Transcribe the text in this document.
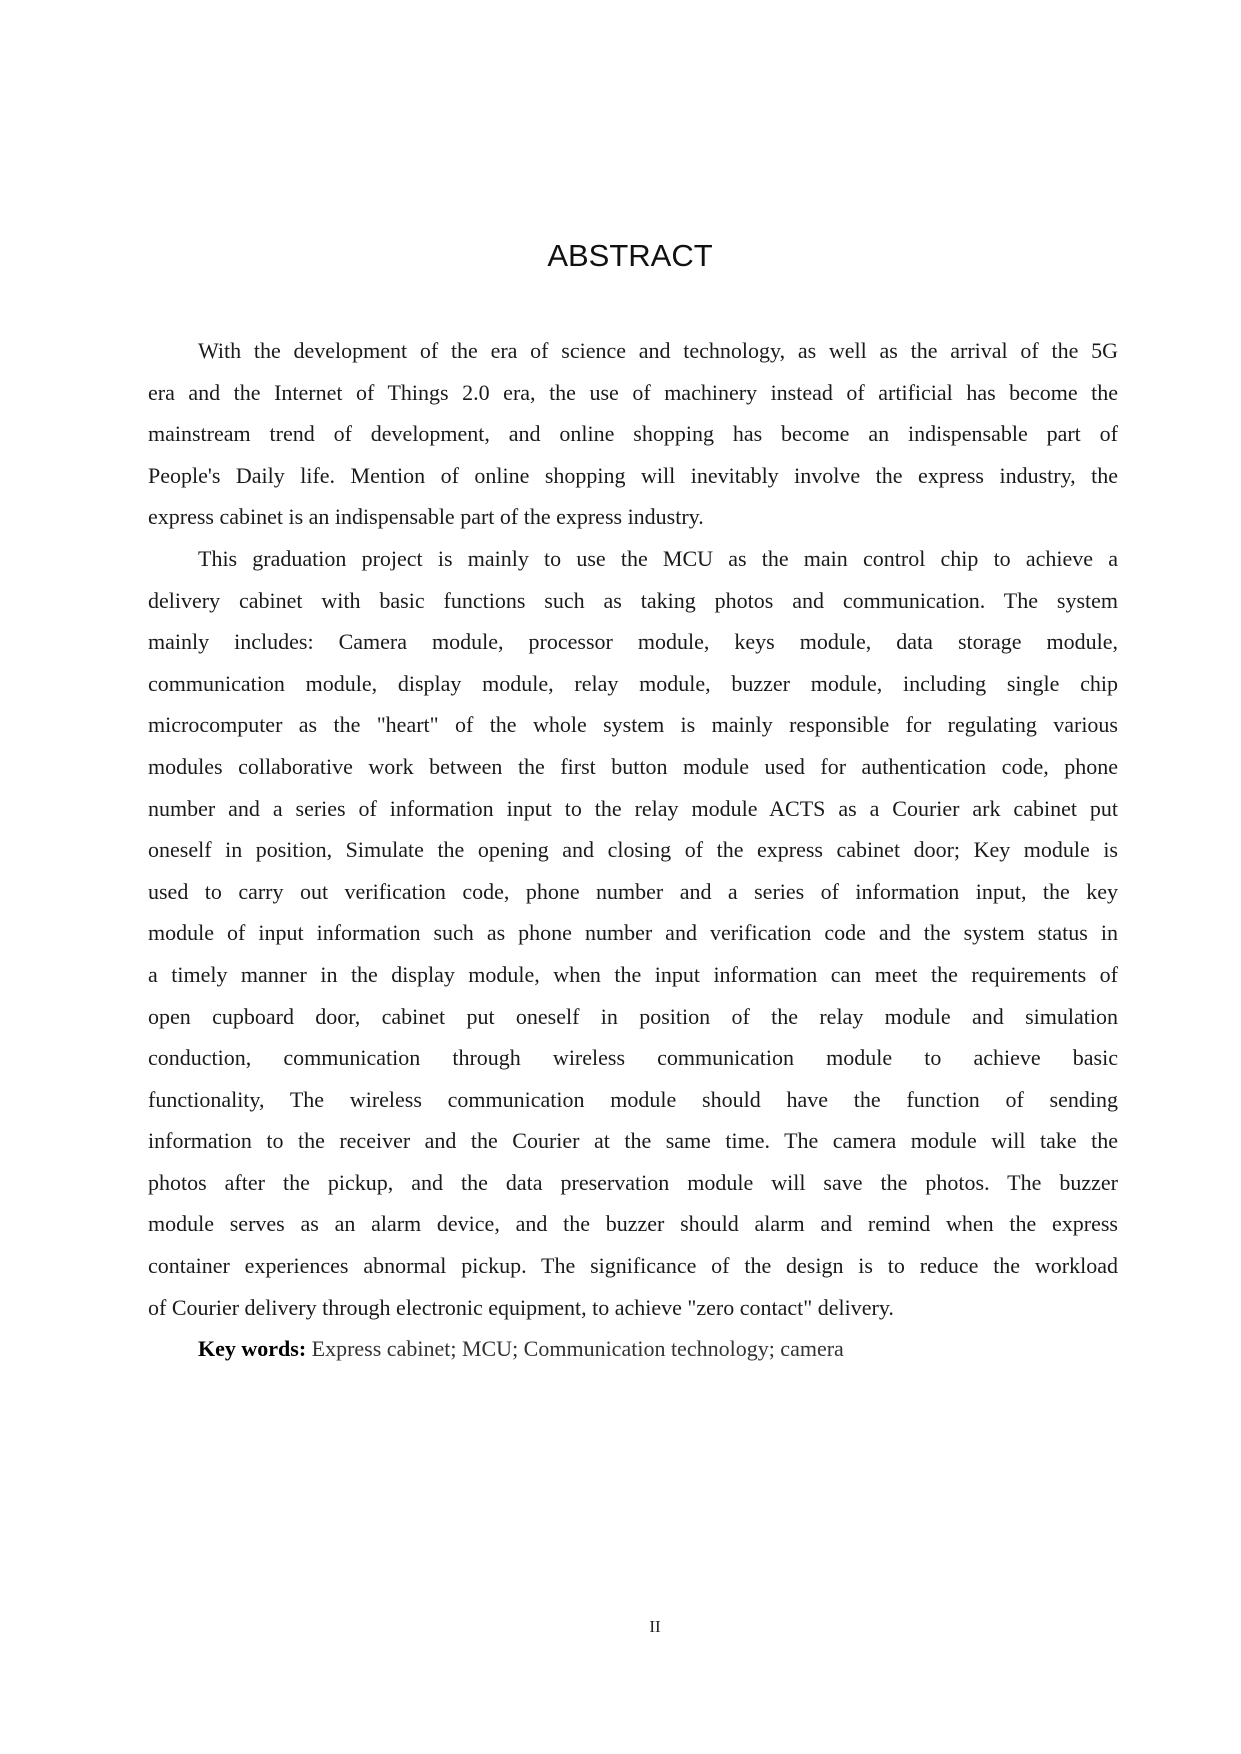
ABSTRACT
With the development of the era of science and technology, as well as the arrival of the 5G
era and the Internet of Things 2.0 era, the use of machinery instead of artificial has become the
mainstream trend of development, and online shopping has become an indispensable part of
People's Daily life. Mention of online shopping will inevitably involve the express industry, the
express cabinet is an indispensable part of the express industry.
This graduation project is mainly to use the MCU as the main control chip to achieve a
delivery cabinet with basic functions such as taking photos and communication. The system
mainly includes: Camera module, processor module, keys module, data storage module,
communication module, display module, relay module, buzzer module, including single chip
microcomputer as the "heart" of the whole system is mainly responsible for regulating various
modules collaborative work between the first button module used for authentication code, phone
number and a series of information input to the relay module ACTS as a Courier ark cabinet put
oneself in position, Simulate the opening and closing of the express cabinet door; Key module is
used to carry out verification code, phone number and a series of information input, the key
module of input information such as phone number and verification code and the system status in
a timely manner in the display module, when the input information can meet the requirements of
open cupboard door, cabinet put oneself in position of the relay module and simulation
conduction, communication through wireless communication module to achieve basic
functionality, The wireless communication module should have the function of sending
information to the receiver and the Courier at the same time. The camera module will take the
photos after the pickup, and the data preservation module will save the photos. The buzzer
module serves as an alarm device, and the buzzer should alarm and remind when the express
container experiences abnormal pickup. The significance of the design is to reduce the workload
of Courier delivery through electronic equipment, to achieve "zero contact" delivery.
Key words: Express cabinet; MCU; Communication technology; camera
II
